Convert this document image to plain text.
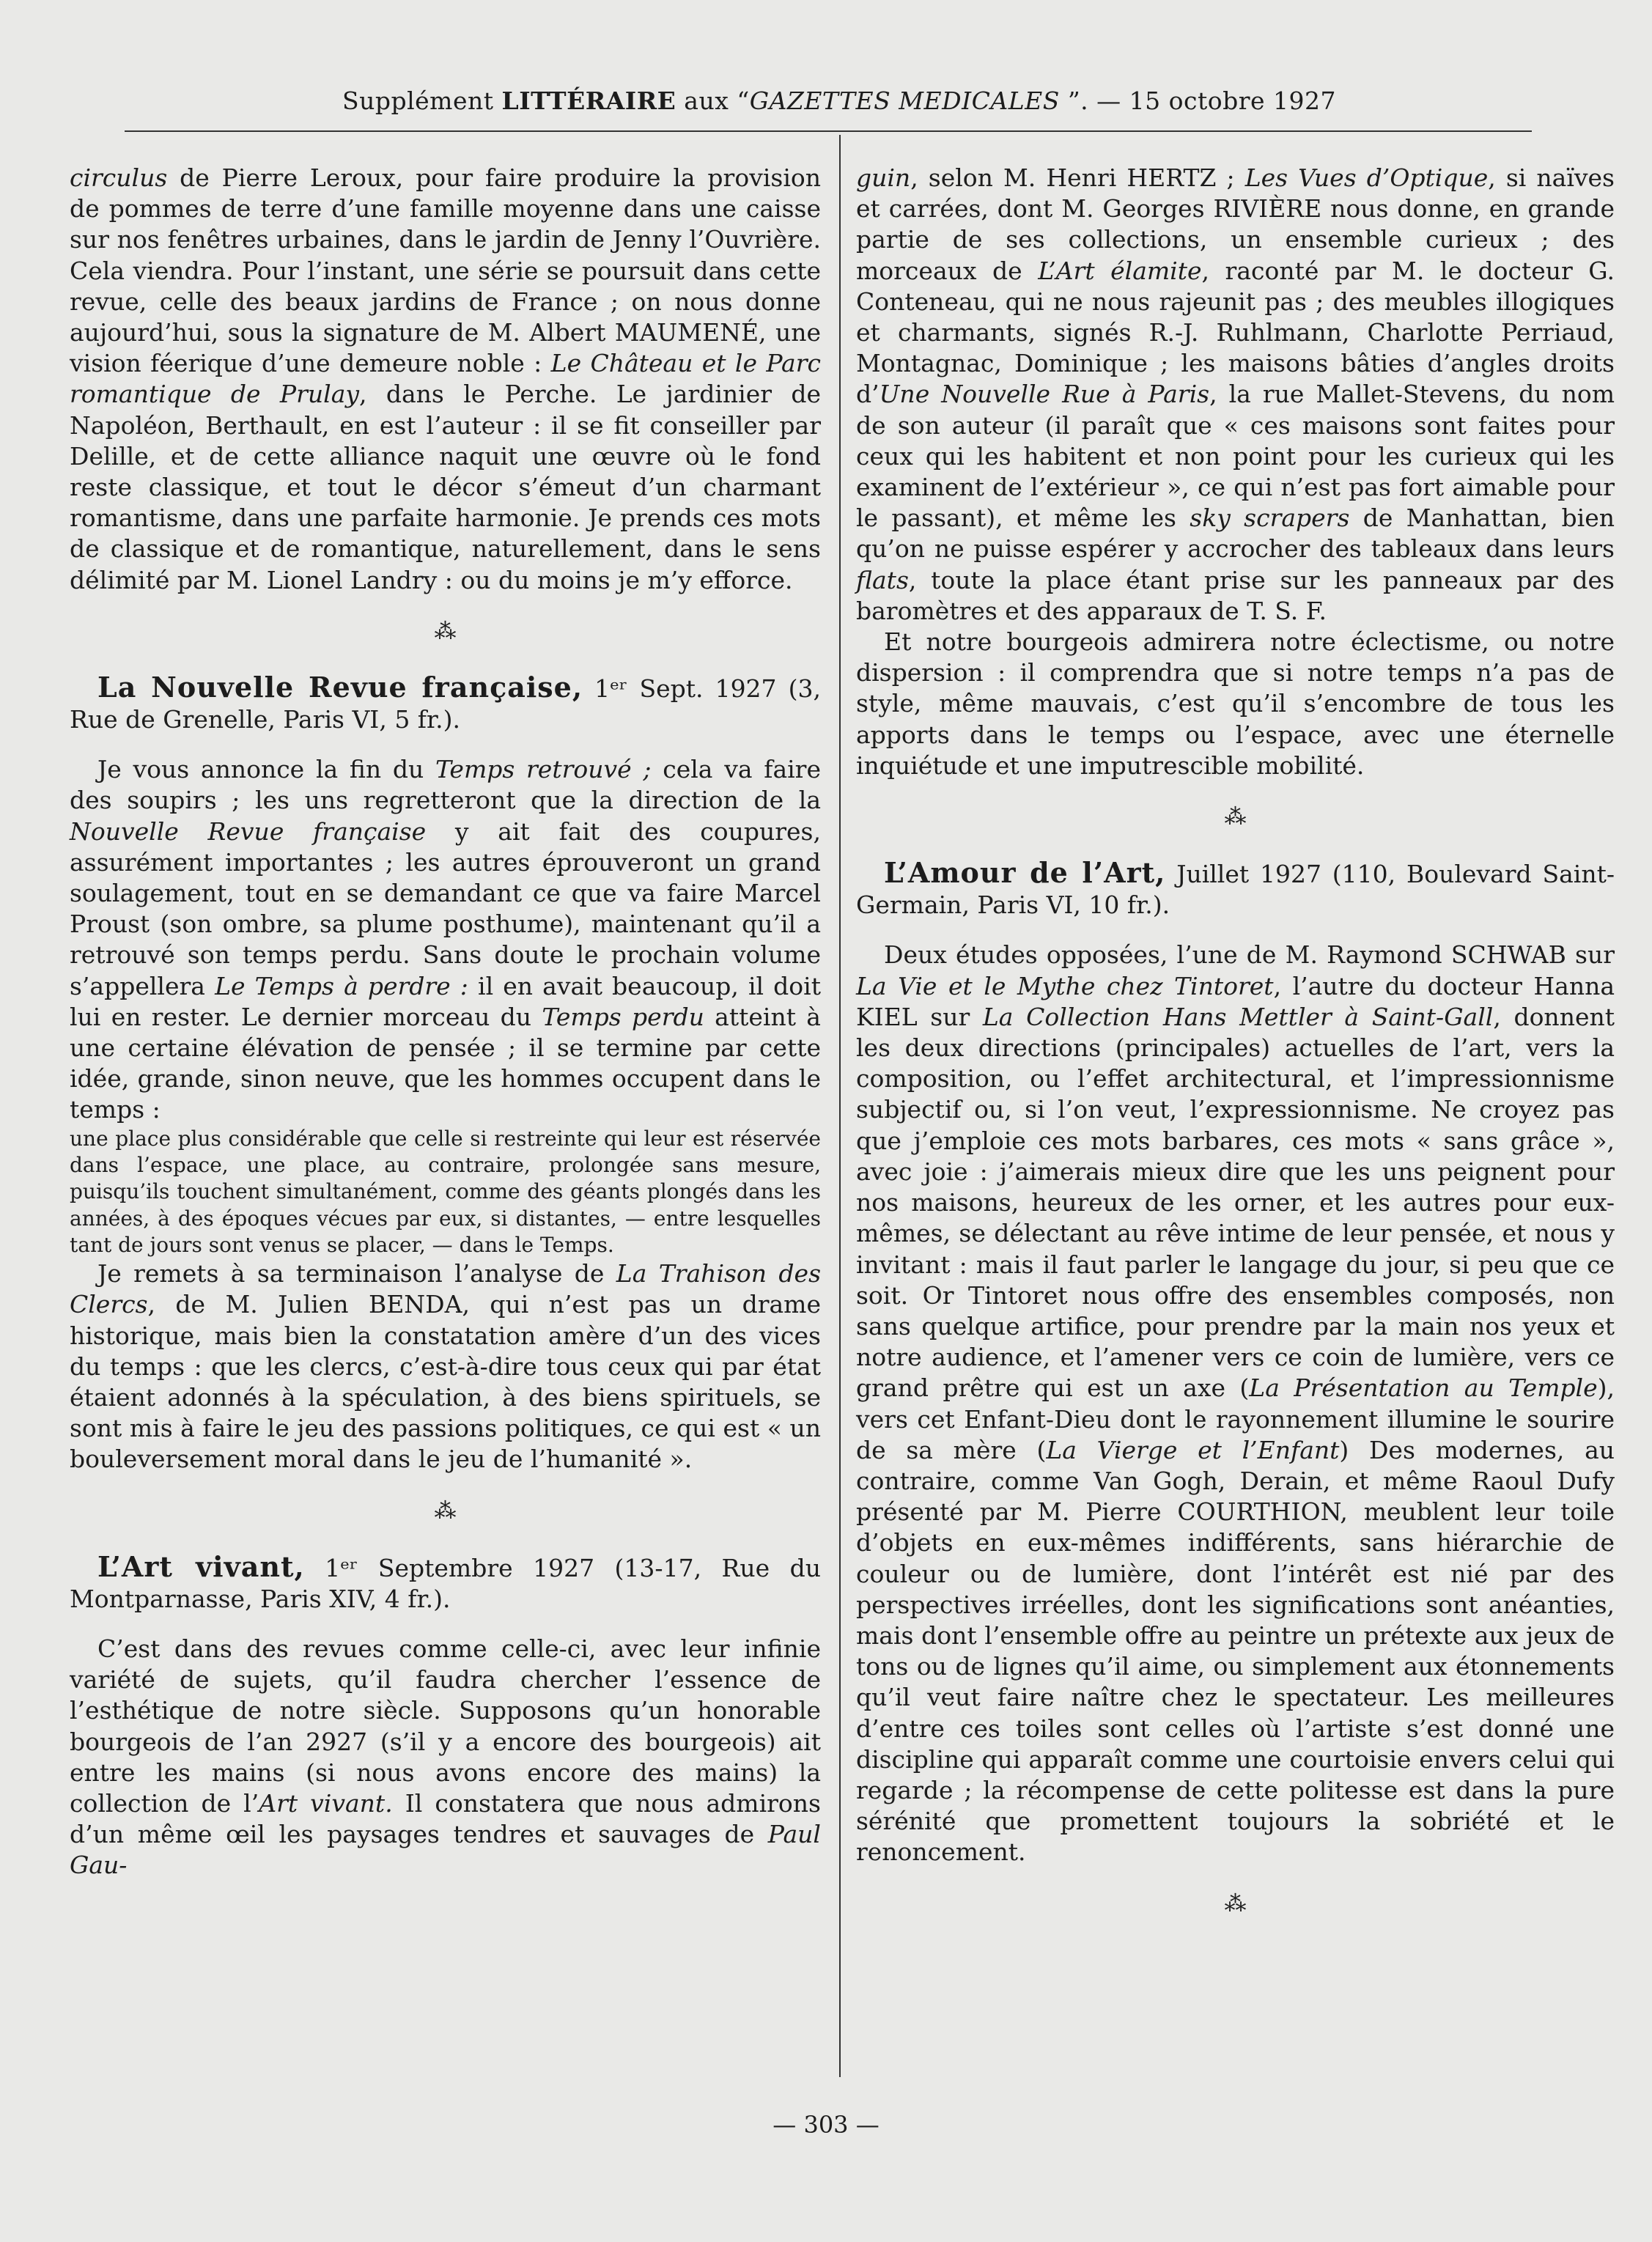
Supplément LITTÉRAIRE aux “GAZETTES MEDICALES ”. — 15 octobre 1927

circulus de Pierre Leroux, pour faire produire la provision de pommes de terre d’une famille moyenne dans une caisse sur nos fenêtres urbaines, dans le jardin de Jenny l’Ouvrière. Cela viendra. Pour l’instant, une série se poursuit dans cette revue, celle des beaux jardins de France ; on nous donne aujourd’hui, sous la signature de M. Albert MAUMENÉ, une vision féerique d’une demeure noble : Le Château et le Parc romantique de Prulay, dans le Perche. Le jardinier de Napoléon, Berthault, en est l’auteur : il se fit conseiller par Delille, et de cette alliance naquit une œuvre où le fond reste classique, et tout le décor s’émeut d’un charmant romantisme, dans une parfaite harmonie. Je prends ces mots de classique et de romantique, naturellement, dans le sens délimité par M. Lionel Landry : ou du moins je m’y efforce.

⁂

La Nouvelle Revue française, 1ᵉʳ Sept. 1927 (3, Rue de Grenelle, Paris VI, 5 fr.).

Je vous annonce la fin du Temps retrouvé ; cela va faire des soupirs ; les uns regretteront que la direction de la Nouvelle Revue française y ait fait des coupures, assurément importantes ; les autres éprouveront un grand soulagement, tout en se demandant ce que va faire Marcel Proust (son ombre, sa plume posthume), maintenant qu’il a retrouvé son temps perdu. Sans doute le prochain volume s’appellera Le Temps à perdre : il en avait beaucoup, il doit lui en rester. Le dernier morceau du Temps perdu atteint à une certaine élévation de pensée ; il se termine par cette idée, grande, sinon neuve, que les hommes occupent dans le temps :

une place plus considérable que celle si restreinte qui leur est réservée dans l’espace, une place, au contraire, prolongée sans mesure, puisqu’ils touchent simultanément, comme des géants plongés dans les années, à des époques vécues par eux, si distantes, — entre lesquelles tant de jours sont venus se placer, — dans le Temps.

Je remets à sa terminaison l’analyse de La Trahison des Clercs, de M. Julien BENDA, qui n’est pas un drame historique, mais bien la constatation amère d’un des vices du temps : que les clercs, c’est-à-dire tous ceux qui par état étaient adonnés à la spéculation, à des biens spirituels, se sont mis à faire le jeu des passions politiques, ce qui est « un bouleversement moral dans le jeu de l’humanité ».

⁂

L’Art vivant, 1ᵉʳ Septembre 1927 (13-17, Rue du Montparnasse, Paris XIV, 4 fr.).

C’est dans des revues comme celle-ci, avec leur infinie variété de sujets, qu’il faudra chercher l’essence de l’esthétique de notre siècle. Supposons qu’un honorable bourgeois de l’an 2927 (s’il y a encore des bourgeois) ait entre les mains (si nous avons encore des mains) la collection de l’Art vivant. Il constatera que nous admirons d’un même œil les paysages tendres et sauvages de Paul Gau-

guin, selon M. Henri HERTZ ; Les Vues d’Optique, si naïves et carrées, dont M. Georges RIVIÈRE nous donne, en grande partie de ses collections, un ensemble curieux ; des morceaux de L’Art élamite, raconté par M. le docteur G. Conteneau, qui ne nous rajeunit pas ; des meubles illogiques et charmants, signés R.-J. Ruhlmann, Charlotte Perriaud, Montagnac, Dominique ; les maisons bâties d’angles droits d’Une Nouvelle Rue à Paris, la rue Mallet-Stevens, du nom de son auteur (il paraît que « ces maisons sont faites pour ceux qui les habitent et non point pour les curieux qui les examinent de l’extérieur », ce qui n’est pas fort aimable pour le passant), et même les sky scrapers de Manhattan, bien qu’on ne puisse espérer y accrocher des tableaux dans leurs flats, toute la place étant prise sur les panneaux par des baromètres et des apparaux de T. S. F.

Et notre bourgeois admirera notre éclectisme, ou notre dispersion : il comprendra que si notre temps n’a pas de style, même mauvais, c’est qu’il s’encombre de tous les apports dans le temps ou l’espace, avec une éternelle inquiétude et une imputrescible mobilité.

⁂

L’Amour de l’Art, Juillet 1927 (110, Boulevard Saint-Germain, Paris VI, 10 fr.).

Deux études opposées, l’une de M. Raymond SCHWAB sur La Vie et le Mythe chez Tintoret, l’autre du docteur Hanna KIEL sur La Collection Hans Mettler à Saint-Gall, donnent les deux directions (principales) actuelles de l’art, vers la composition, ou l’effet architectural, et l’impressionnisme subjectif ou, si l’on veut, l’expressionnisme. Ne croyez pas que j’emploie ces mots barbares, ces mots « sans grâce », avec joie : j’aimerais mieux dire que les uns peignent pour nos maisons, heureux de les orner, et les autres pour eux-mêmes, se délectant au rêve intime de leur pensée, et nous y invitant : mais il faut parler le langage du jour, si peu que ce soit. Or Tintoret nous offre des ensembles composés, non sans quelque artifice, pour prendre par la main nos yeux et notre audience, et l’amener vers ce coin de lumière, vers ce grand prêtre qui est un axe (La Présentation au Temple), vers cet Enfant-Dieu dont le rayonnement illumine le sourire de sa mère (La Vierge et l’Enfant) Des modernes, au contraire, comme Van Gogh, Derain, et même Raoul Dufy présenté par M. Pierre COURTHION, meublent leur toile d’objets en eux-mêmes indifférents, sans hiérarchie de couleur ou de lumière, dont l’intérêt est nié par des perspectives irréelles, dont les significations sont anéanties, mais dont l’ensemble offre au peintre un prétexte aux jeux de tons ou de lignes qu’il aime, ou simplement aux étonnements qu’il veut faire naître chez le spectateur. Les meilleures d’entre ces toiles sont celles où l’artiste s’est donné une discipline qui apparaît comme une courtoisie envers celui qui regarde ; la récompense de cette politesse est dans la pure sérénité que promettent toujours la sobriété et le renoncement.

⁂
— 303 —
